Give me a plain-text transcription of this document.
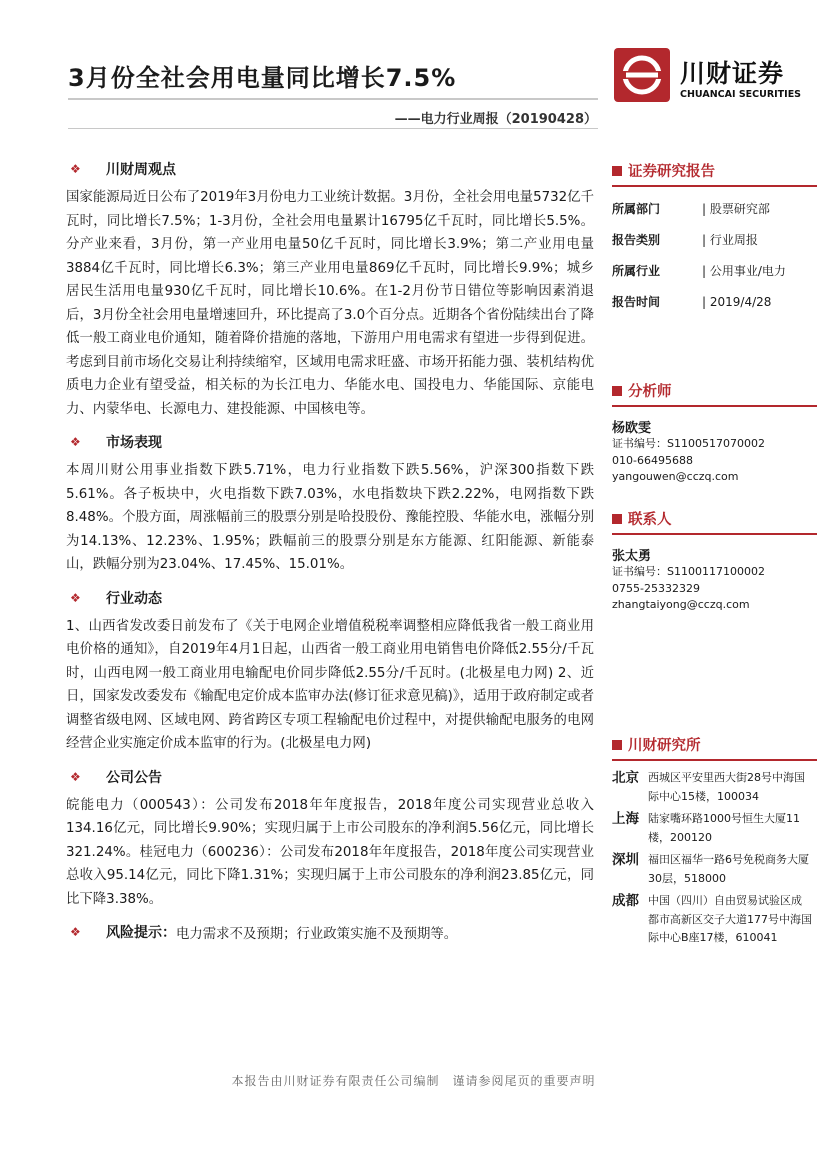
3月份全社会用电量同比增长7.5%
——电力行业周报（20190428）
川财证券
CHUANCAI SECURITIES
❖	川财周观点
国家能源局近日公布了2019年3月份电力工业统计数据。3月份，全社会用电量5732亿千瓦时，同比增长7.5%；1-3月份，全社会用电量累计16795亿千瓦时，同比增长5.5%。分产业来看，3月份，第一产业用电量50亿千瓦时，同比增长3.9%；第二产业用电量3884亿千瓦时，同比增长6.3%；第三产业用电量869亿千瓦时，同比增长9.9%；城乡居民生活用电量930亿千瓦时，同比增长10.6%。在1-2月份节日错位等影响因素消退后，3月份全社会用电量增速回升，环比提高了3.0个百分点。近期各个省份陆续出台了降低一般工商业电价通知，随着降价措施的落地，下游用户用电需求有望进一步得到促进。考虑到目前市场化交易让利持续缩窄，区域用电需求旺盛、市场开拓能力强、装机结构优质电力企业有望受益，相关标的为长江电力、华能水电、国投电力、华能国际、京能电力、内蒙华电、长源电力、建投能源、中国核电等。
❖	市场表现
本周川财公用事业指数下跌5.71%，电力行业指数下跌5.56%，沪深300指数下跌5.61%。各子板块中，火电指数下跌7.03%，水电指数块下跌2.22%，电网指数下跌8.48%。个股方面，周涨幅前三的股票分别是哈投股份、豫能控股、华能水电，涨幅分别为14.13%、12.23%、1.95%；跌幅前三的股票分别是东方能源、红阳能源、新能泰山，跌幅分别为23.04%、17.45%、15.01%。
❖	行业动态
1、山西省发改委日前发布了《关于电网企业增值税税率调整相应降低我省一般工商业用电价格的通知》，自2019年4月1日起，山西省一般工商业用电销售电价降低2.55分/千瓦时，山西电网一般工商业用电输配电价同步降低2.55分/千瓦时。(北极星电力网) 2、近日，国家发改委发布《输配电定价成本监审办法(修订征求意见稿)》，适用于政府制定或者调整省级电网、区域电网、跨省跨区专项工程输配电价过程中，对提供输配电服务的电网经营企业实施定价成本监审的行为。(北极星电力网)
❖	公司公告
皖能电力（000543）：公司发布2018年年度报告，2018年度公司实现营业总收入134.16亿元，同比增长9.90%；实现归属于上市公司股东的净利润5.56亿元，同比增长321.24%。桂冠电力（600236）：公司发布2018年年度报告，2018年度公司实现营业总收入95.14亿元，同比下降1.31%；实现归属于上市公司股东的净利润23.85亿元，同比下降3.38%。
❖	风险提示： 电力需求不及预期；行业政策实施不及预期等。
证券研究报告
所属部门	| 股票研究部
报告类别	| 行业周报
所属行业	| 公用事业/电力
报告时间	| 2019/4/28
分析师
杨欧雯
证书编号：S1100517070002
010-66495688
yangouwen@cczq.com
联系人
张太勇
证书编号：S1100117100002
0755-25332329
zhangtaiyong@cczq.com
川财研究所
北京 西城区平安里西大街28号中海国际中心15楼，100034
上海 陆家嘴环路1000号恒生大厦11楼，200120
深圳 福田区福华一路6号免税商务大厦30层，518000
成都 中国（四川）自由贸易试验区成都市高新区交子大道177号中海国际中心B座17楼，610041
本报告由川财证券有限责任公司编制　谨请参阅尾页的重要声明
